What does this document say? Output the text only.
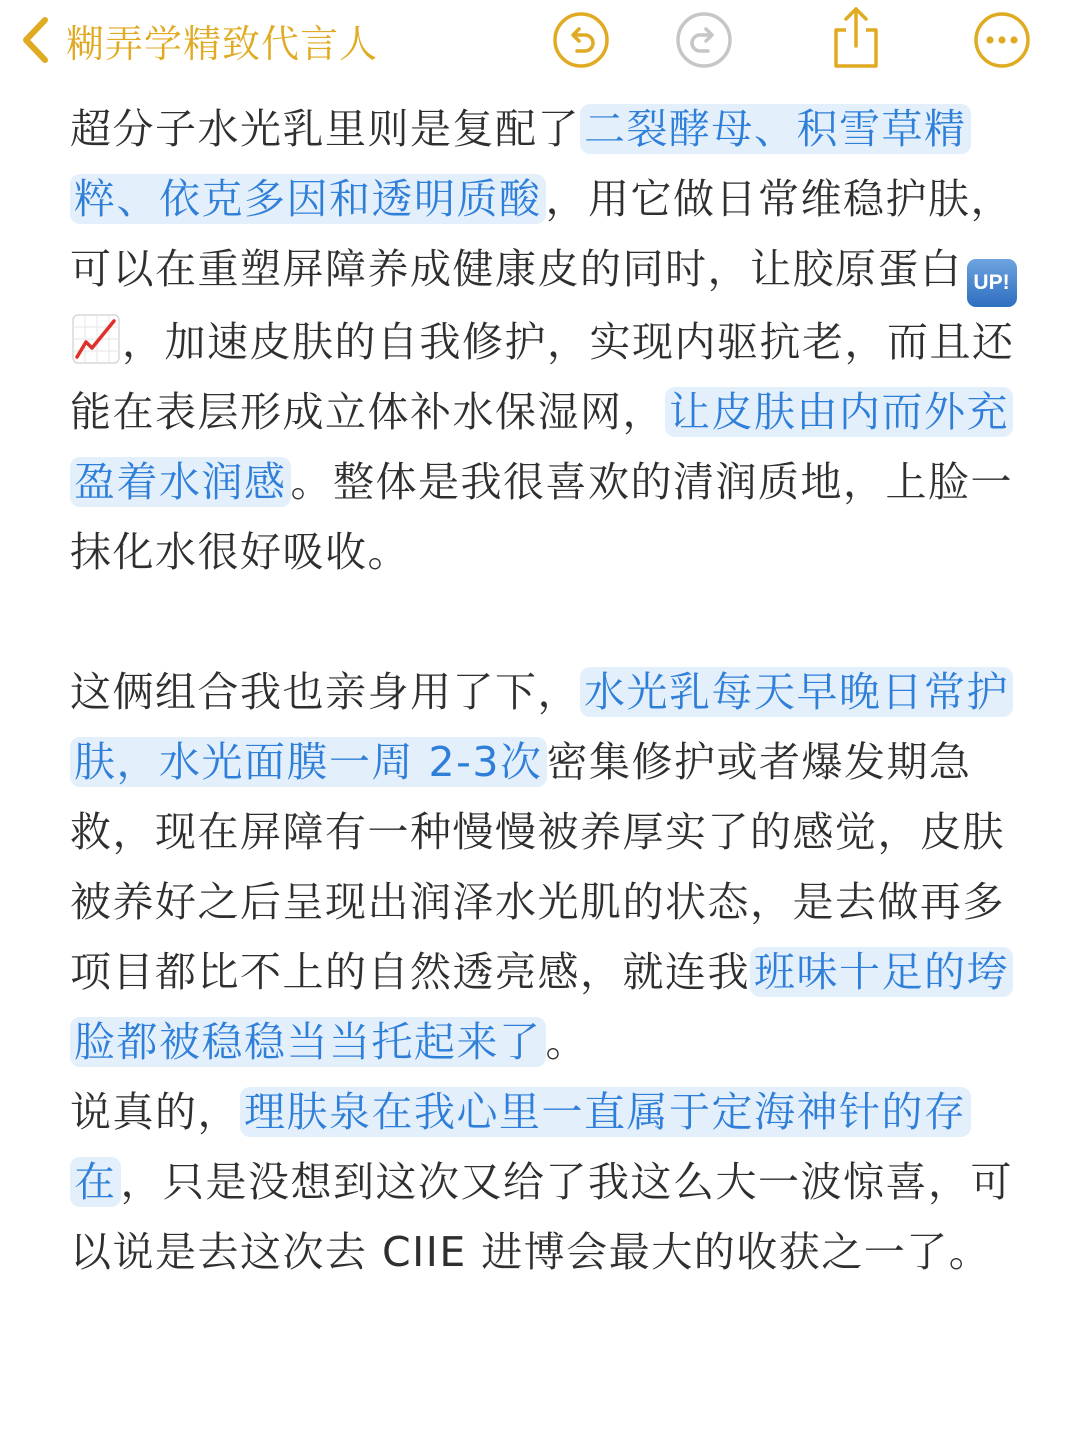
糊弄学精致代言人

超分子水光乳里则是复配了二裂酵母、积雪草精粹、依克多因和透明质酸，用它做日常维稳护肤，可以在重塑屏障养成健康皮的同时，让胶原蛋白 UP!
，加速皮肤的自我修护，实现内驱抗老，而且还能在表层形成立体补水保湿网，让皮肤由内而外充盈着水润感。整体是我很喜欢的清润质地，上脸一抹化水很好吸收。

这俩组合我也亲身用了下，水光乳每天早晚日常护肤，水光面膜一周 2-3次密集修护或者爆发期急救，现在屏障有一种慢慢被养厚实了的感觉，皮肤被养好之后呈现出润泽水光肌的状态，是去做再多项目都比不上的自然透亮感，就连我班味十足的垮脸都被稳稳当当托起来了。

说真的，理肤泉在我心里一直属于定海神针的存在，只是没想到这次又给了我这么大一波惊喜，可以说是去这次去 CIIE 进博会最大的收获之一了。
